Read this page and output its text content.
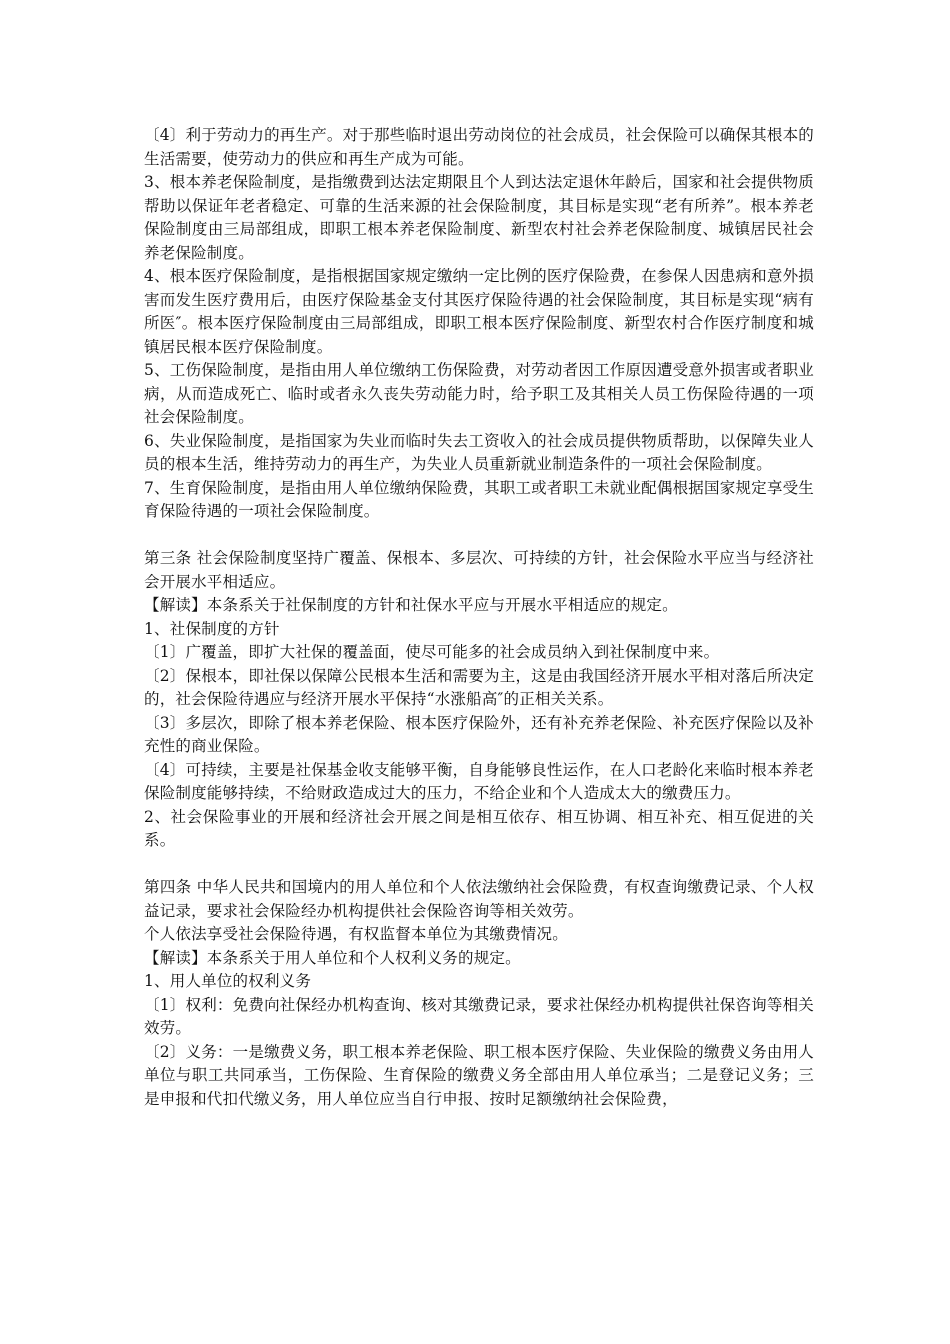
〔4〕利于劳动力的再生产。对于那些临时退出劳动岗位的社会成员，社会保险可以确保其根本的生活需要，使劳动力的供应和再生产成为可能。

3、根本养老保险制度，是指缴费到达法定期限且个人到达法定退休年龄后，国家和社会提供物质帮助以保证年老者稳定、可靠的生活来源的社会保险制度，其目标是实现“老有所养”。根本养老保险制度由三局部组成，即职工根本养老保险制度、新型农村社会养老保险制度、城镇居民社会养老保险制度。

4、根本医疗保险制度，是指根据国家规定缴纳一定比例的医疗保险费，在参保人因患病和意外损害而发生医疗费用后，由医疗保险基金支付其医疗保险待遇的社会保险制度，其目标是实现“病有所医″。根本医疗保险制度由三局部组成，即职工根本医疗保险制度、新型农村合作医疗制度和城镇居民根本医疗保险制度。

5、工伤保险制度，是指由用人单位缴纳工伤保险费，对劳动者因工作原因遭受意外损害或者职业病，从而造成死亡、临时或者永久丧失劳动能力时，给予职工及其相关人员工伤保险待遇的一项社会保险制度。

6、失业保险制度，是指国家为失业而临时失去工资收入的社会成员提供物质帮助，以保障失业人员的根本生活，维持劳动力的再生产，为失业人员重新就业制造条件的一项社会保险制度。

7、生育保险制度，是指由用人单位缴纳保险费，其职工或者职工未就业配偶根据国家规定享受生育保险待遇的一项社会保险制度。

第三条 社会保险制度坚持广覆盖、保根本、多层次、可持续的方针，社会保险水平应当与经济社会开展水平相适应。

【解读】本条系关于社保制度的方针和社保水平应与开展水平相适应的规定。

1、社保制度的方针

〔1〕广覆盖，即扩大社保的覆盖面，使尽可能多的社会成员纳入到社保制度中来。

〔2〕保根本，即社保以保障公民根本生活和需要为主，这是由我国经济开展水平相对落后所决定的，社会保险待遇应与经济开展水平保持“水涨船高″的正相关关系。

〔3〕多层次，即除了根本养老保险、根本医疗保险外，还有补充养老保险、补充医疗保险以及补充性的商业保险。

〔4〕可持续，主要是社保基金收支能够平衡，自身能够良性运作，在人口老龄化来临时根本养老保险制度能够持续，不给财政造成过大的压力，不给企业和个人造成太大的缴费压力。

2、社会保险事业的开展和经济社会开展之间是相互依存、相互协调、相互补充、相互促进的关系。

第四条 中华人民共和国境内的用人单位和个人依法缴纳社会保险费，有权查询缴费记录、个人权益记录，要求社会保险经办机构提供社会保险咨询等相关效劳。

个人依法享受社会保险待遇，有权监督本单位为其缴费情况。

【解读】本条系关于用人单位和个人权利义务的规定。

1、用人单位的权利义务

〔1〕权利：免费向社保经办机构查询、核对其缴费记录，要求社保经办机构提供社保咨询等相关效劳。

〔2〕义务：一是缴费义务，职工根本养老保险、职工根本医疗保险、失业保险的缴费义务由用人单位与职工共同承当，工伤保险、生育保险的缴费义务全部由用人单位承当；二是登记义务；三是申报和代扣代缴义务，用人单位应当自行申报、按时足额缴纳社会保险费，
